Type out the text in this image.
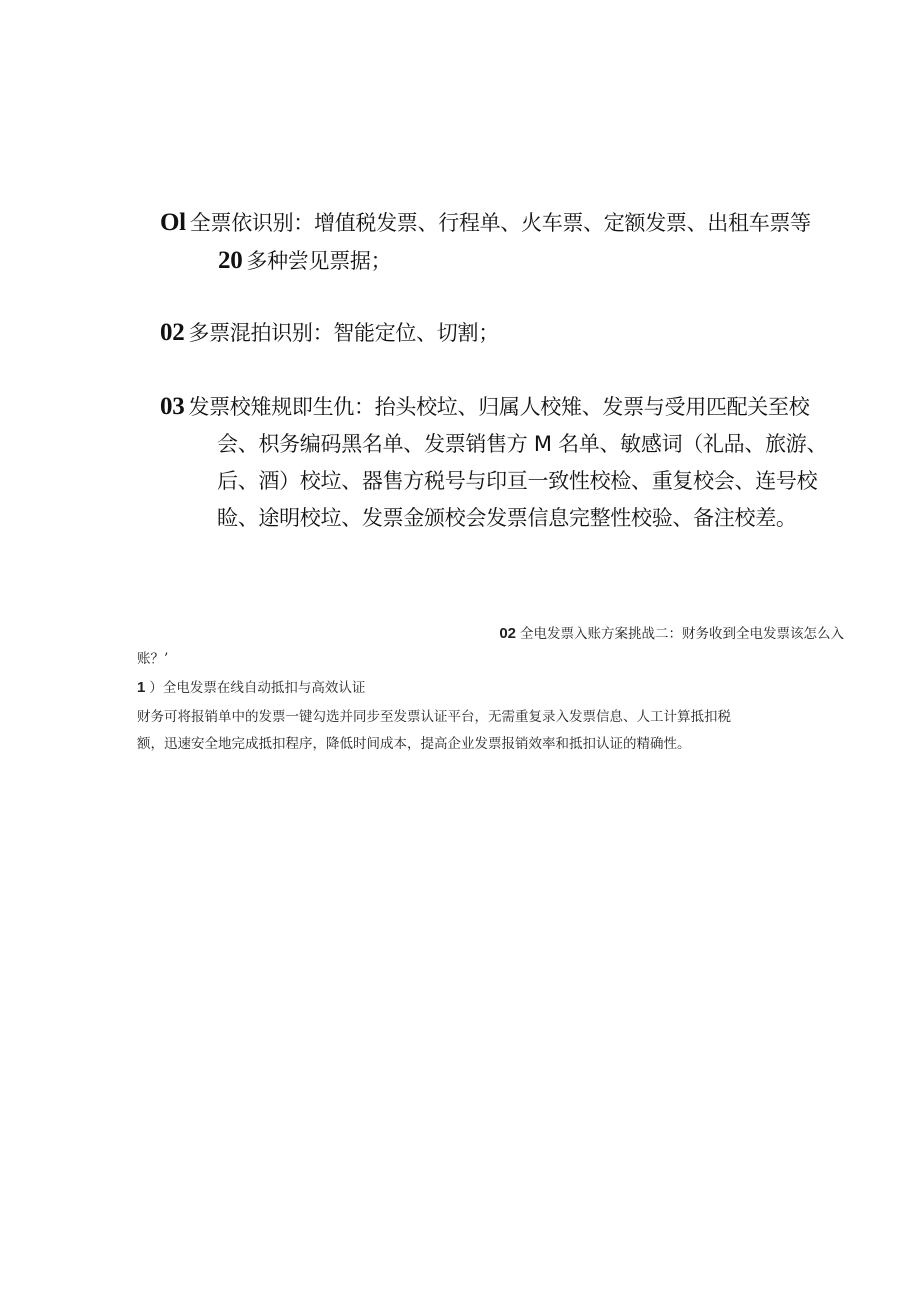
Ol 全票依识别：增值税发票、行程单、火车票、定额发票、出租车票等
20 多种尝见票据；
02 多票混拍识别：智能定位、切割；
03 发票校雉规即生仇：抬头校垃、归属人校雉、发票与受用匹配关至校
会、枳务编码黑名单、发票销售方 M 名单、敏感词（礼品、旅游、
后、酒）校垃、器售方税号与印亘一致性校检、重复校会、连号校
睑、途明校垃、发票金颁校会发票信息完整性校验、备注校差。
02 全电发票入账方案挑战二：财务收到全电发票该怎么入
账？’
1 ）全电发票在线自动抵扣与高效认证
财务可将报销单中的发票一键勾选并同步至发票认证平台，无需重复录入发票信息、人工计算抵扣税
额，迅速安全地完成抵扣程序，降低时间成本，提高企业发票报销效率和抵扣认证的精确性。
